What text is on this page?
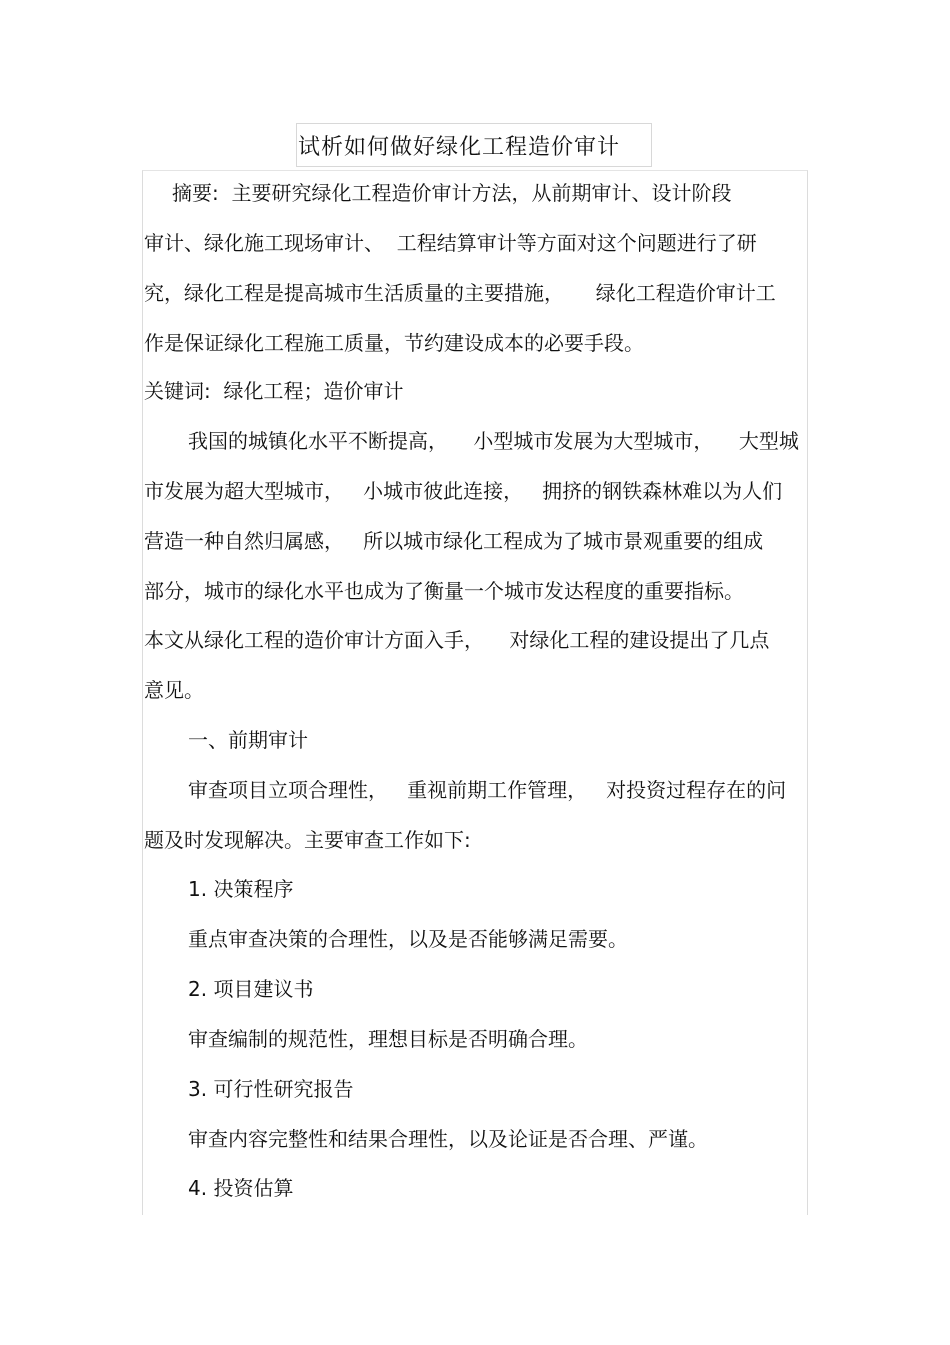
试析如何做好绿化工程造价审计
摘要:  主要研究绿化工程造价审计方法，从前期审计、设计阶段
审计、绿化施工现场审计、  工程结算审计等方面对这个问题进行了研
究，绿化工程是提高城市生活质量的主要措施，     绿化工程造价审计工
作是保证绿化工程施工质量，节约建设成本的必要手段。
关键词:  绿化工程；造价审计
我国的城镇化水平不断提高，    小型城市发展为大型城市，    大型城
市发展为超大型城市，   小城市彼此连接，   拥挤的钢铁森林难以为人们
营造一种自然归属感，   所以城市绿化工程成为了城市景观重要的组成
部分，城市的绿化水平也成为了衡量一个城市发达程度的重要指标。
本文从绿化工程的造价审计方面入手，    对绿化工程的建设提出了几点
意见。
一、前期审计
审查项目立项合理性，   重视前期工作管理，   对投资过程存在的问
题及时发现解决。主要审查工作如下:
1. 决策程序
重点审查决策的合理性，以及是否能够满足需要。
2. 项目建议书
审查编制的规范性，理想目标是否明确合理。
3. 可行性研究报告
审查内容完整性和结果合理性，以及论证是否合理、严谨。
4. 投资估算
